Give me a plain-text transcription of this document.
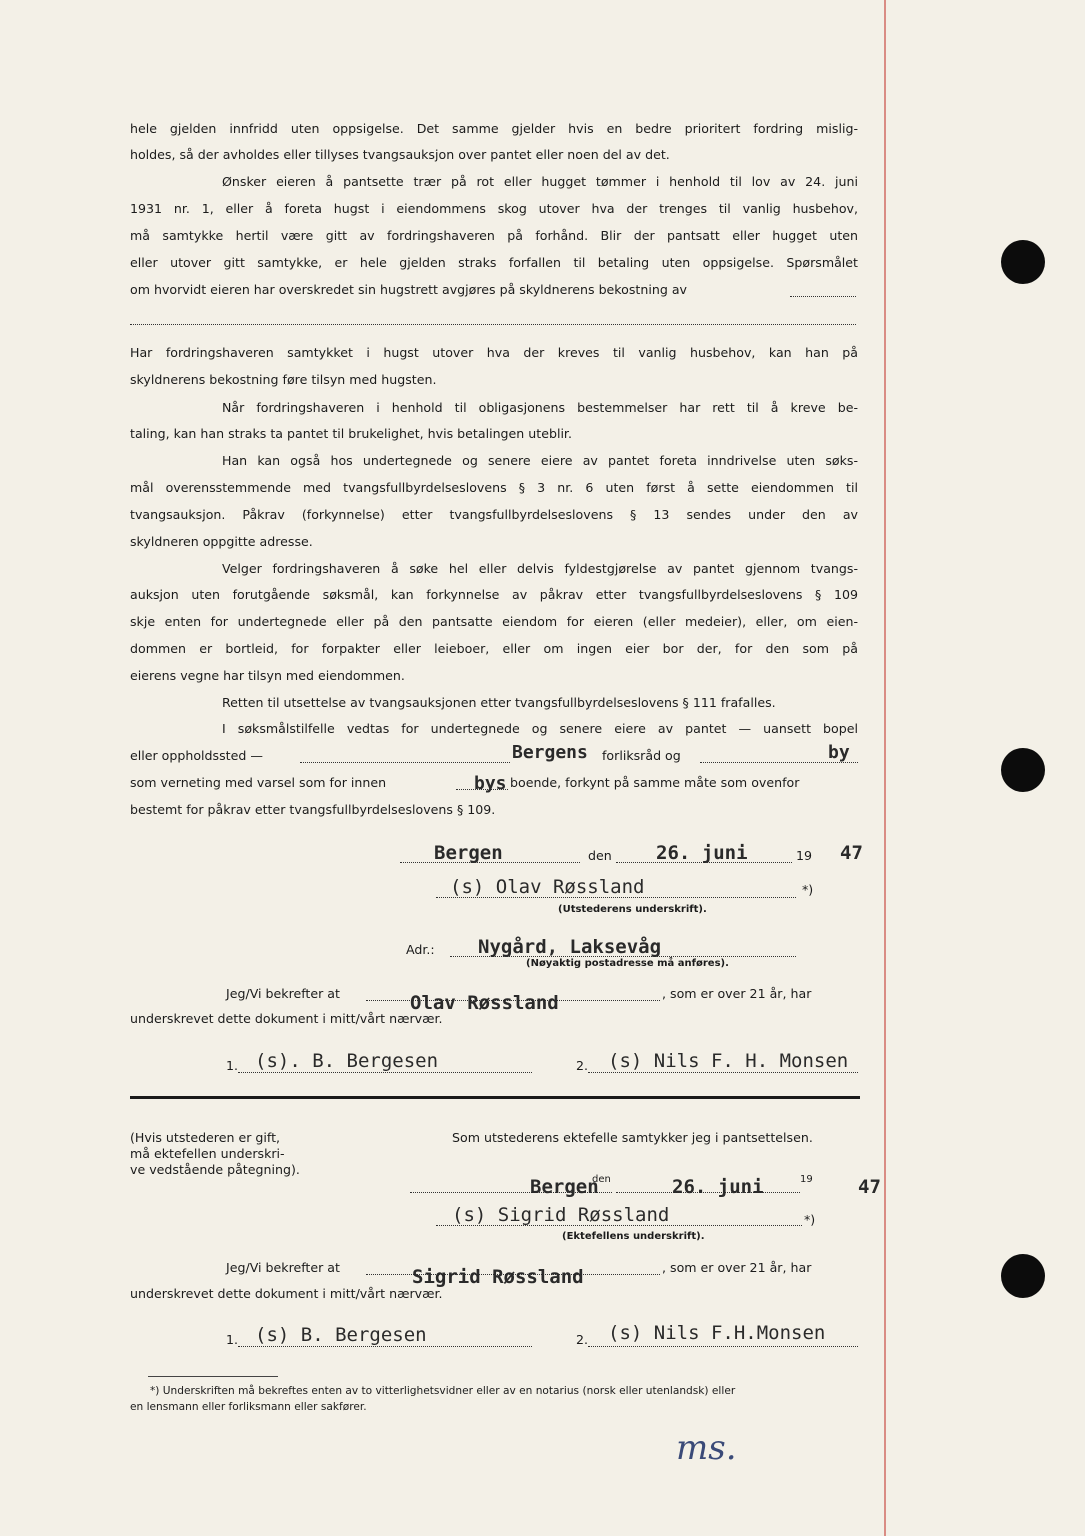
hele gjelden innfridd uten oppsigelse. Det samme gjelder hvis en bedre prioritert fordring mislig-
holdes, så der avholdes eller tillyses tvangsauksjon over pantet eller noen del av det.
Ønsker eieren å pantsette trær på rot eller hugget tømmer i henhold til lov av 24. juni
1931 nr. 1, eller å foreta hugst i eiendommens skog utover hva der trenges til vanlig husbehov,
må samtykke hertil være gitt av fordringshaveren på forhånd. Blir der pantsatt eller hugget uten
eller utover gitt samtykke, er hele gjelden straks forfallen til betaling uten oppsigelse. Spørsmålet
om hvorvidt eieren har overskredet sin hugstrett avgjøres på skyldnerens bekostning av
Har fordringshaveren samtykket i hugst utover hva der kreves til vanlig husbehov, kan han på
skyldnerens bekostning føre tilsyn med hugsten.
Når fordringshaveren i henhold til obligasjonens bestemmelser har rett til å kreve be-
taling, kan han straks ta pantet til brukelighet, hvis betalingen uteblir.
Han kan også hos undertegnede og senere eiere av pantet foreta inndrivelse uten søks-
mål overensstemmende med tvangsfullbyrdelseslovens § 3 nr. 6 uten først å sette eiendommen til
tvangsauksjon. Påkrav (forkynnelse) etter tvangsfullbyrdelseslovens § 13 sendes under den av
skyldneren oppgitte adresse.
Velger fordringshaveren å søke hel eller delvis fyldestgjørelse av pantet gjennom tvangs-
auksjon uten forutgående søksmål, kan forkynnelse av påkrav etter tvangsfullbyrdelseslovens § 109
skje enten for undertegnede eller på den pantsatte eiendom for eieren (eller medeier), eller, om eien-
dommen er bortleid, for forpakter eller leieboer, eller om ingen eier bor der, for den som på
eierens vegne har tilsyn med eiendommen.
Retten til utsettelse av tvangsauksjonen etter tvangsfullbyrdelseslovens § 111 frafalles.
I søksmålstilfelle vedtas for undertegnede og senere eiere av pantet — uansett bopel
eller oppholdssted —	Bergens forliksråd og	by
som verneting med varsel som for innen	bys boende, forkynt på samme måte som ovenfor
bestemt for påkrav etter tvangsfullbyrdelseslovens § 109.
Bergen	den 26. juni	19 47
(s) Olav Røssland	*)
(Utstederens underskrift).
Adr.: Nygård, Laksevåg
(Nøyaktig postadresse må anføres).
Jeg/Vi bekrefter at	Olav Røssland	, som er over 21 år, har
underskrevet dette dokument i mitt/vårt nærvær.
1. (s). B. Bergesen	2. (s) Nils F. H. Monsen
(Hvis utstederen er gift,
må ektefellen underskri-
ve vedstående påtegning).
Som utstederens ektefelle samtykker jeg i pantsettelsen.
Bergen
den	26. juni	19 47
(s) Sigrid Røssland	*)
(Ektefellens underskrift).
Jeg/Vi bekrefter at	Sigrid Røssland	, som er over 21 år, har
underskrevet dette dokument i mitt/vårt nærvær.
1. (s) B. Bergesen	2. (s) Nils F.H.Monsen
*) Underskriften må bekreftes enten av to vitterlighetsvidner eller av en notarius (norsk eller utenlandsk) eller
en lensmann eller forliksmann eller sakfører.
ms.
